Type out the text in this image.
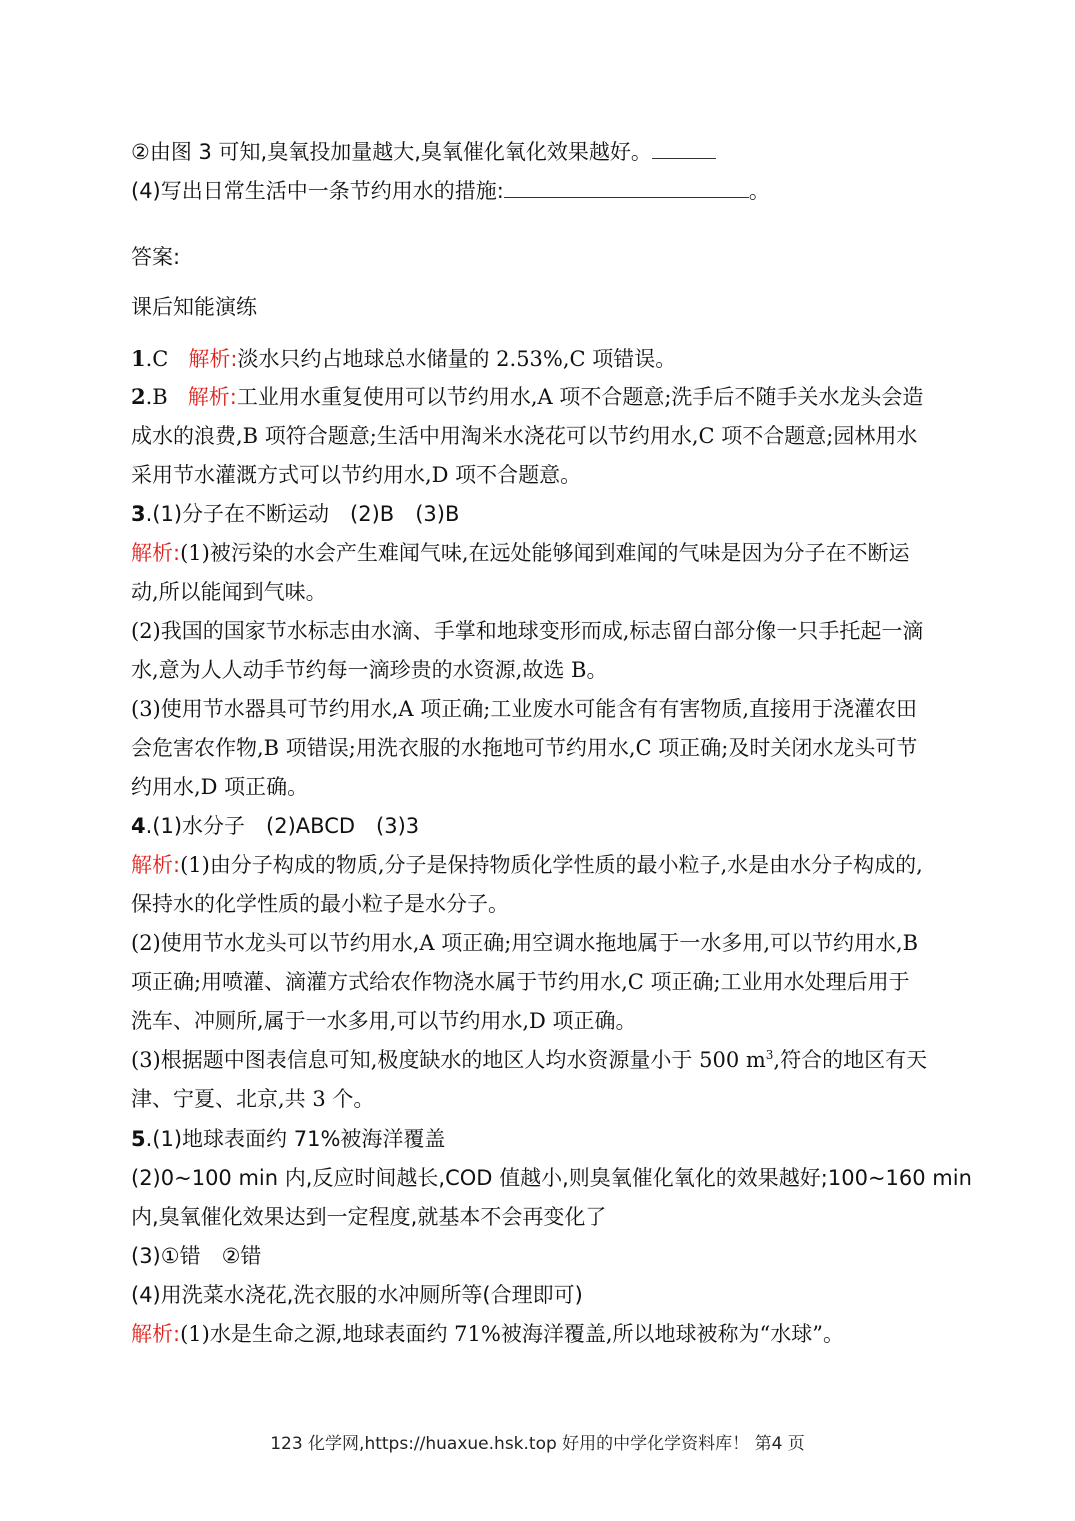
②由图 3 可知,臭氧投加量越大,臭氧催化氧化效果越好。
(4)写出日常生活中一条节约用水的措施:	。
答案:
课后知能演练
1.C 解析:淡水只约占地球总水储量的 2.53%,C 项错误。
2.B 解析:工业用水重复使用可以节约用水,A 项不合题意;洗手后不随手关水龙头会造
成水的浪费,B 项符合题意;生活中用淘米水浇花可以节约用水,C 项不合题意;园林用水
采用节水灌溉方式可以节约用水,D 项不合题意。
3.(1)分子在不断运动　(2)B　(3)B
解析:(1)被污染的水会产生难闻气味,在远处能够闻到难闻的气味是因为分子在不断运
动,所以能闻到气味。
(2)我国的国家节水标志由水滴、手掌和地球变形而成,标志留白部分像一只手托起一滴
水,意为人人动手节约每一滴珍贵的水资源,故选 B。
(3)使用节水器具可节约用水,A 项正确;工业废水可能含有有害物质,直接用于浇灌农田
会危害农作物,B 项错误;用洗衣服的水拖地可节约用水,C 项正确;及时关闭水龙头可节
约用水,D 项正确。
4.(1)水分子　(2)ABCD　(3)3
解析:(1)由分子构成的物质,分子是保持物质化学性质的最小粒子,水是由水分子构成的,
保持水的化学性质的最小粒子是水分子。
(2)使用节水龙头可以节约用水,A 项正确;用空调水拖地属于一水多用,可以节约用水,B
项正确;用喷灌、滴灌方式给农作物浇水属于节约用水,C 项正确;工业用水处理后用于
洗车、冲厕所,属于一水多用,可以节约用水,D 项正确。
(3)根据题中图表信息可知,极度缺水的地区人均水资源量小于 500 $m^3$,符合的地区有天
津、宁夏、北京,共 3 个。
5.(1)地球表面约 71%被海洋覆盖
(2)0~100 min 内,反应时间越长,COD 值越小,则臭氧催化氧化的效果越好;100~160 min
内,臭氧催化效果达到一定程度,就基本不会再变化了
(3)①错　②错
(4)用洗菜水浇花,洗衣服的水冲厕所等(合理即可)
解析:(1)水是生命之源,地球表面约 71%被海洋覆盖,所以地球被称为“水球”。
123 化学网,https://huaxue.hsk.top 好用的中学化学资料库！ 第4 页
